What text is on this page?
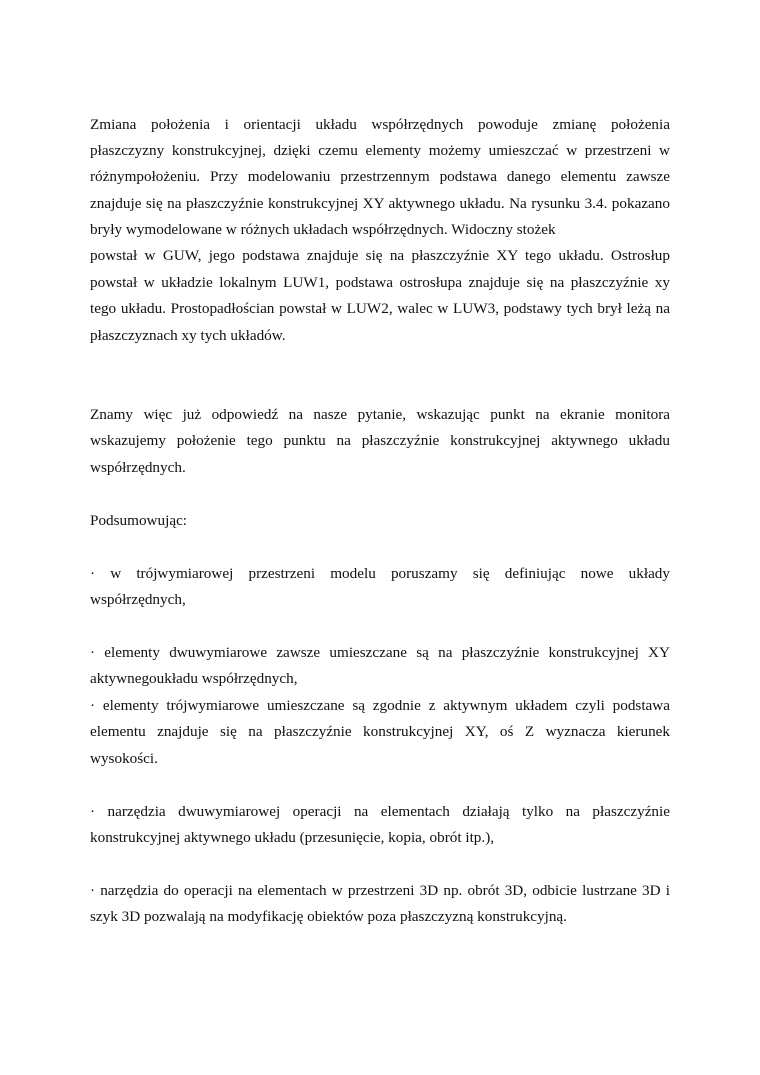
Zmiana położenia i orientacji układu współrzędnych powoduje zmianę położenia
płaszczyzny konstrukcyjnej, dzięki czemu elementy możemy umieszczać w przestrzeni w
różnympołożeniu. Przy modelowaniu przestrzennym podstawa danego elementu zawsze
znajduje się na płaszczyźnie konstrukcyjnej XY aktywnego układu. Na rysunku 3.4. pokazano
bryły wymodelowane w różnych układach współrzędnych. Widoczny stożek
powstał w GUW, jego podstawa znajduje się na płaszczyźnie XY tego układu. Ostrosłup
powstał w układzie lokalnym LUW1, podstawa ostrosłupa znajduje się na płaszczyźnie xy
tego układu. Prostopadłościan powstał w LUW2, walec w LUW3, podstawy tych brył leżą na
płaszczyznach xy tych układów.
Znamy więc już odpowiedź na nasze pytanie, wskazując punkt na ekranie monitora
wskazujemy położenie tego punktu na płaszczyźnie konstrukcyjnej aktywnego układu
współrzędnych.
Podsumowując:
·  w  trójwymiarowej  przestrzeni  modelu  poruszamy  się  definiując  nowe  układy
współrzędnych,
· elementy dwuwymiarowe zawsze umieszczane są na płaszczyźnie konstrukcyjnej XY
aktywnegoukładu współrzędnych,
· elementy trójwymiarowe umieszczane są zgodnie z aktywnym układem czyli podstawa
elementu znajduje się na płaszczyźnie konstrukcyjnej XY, oś Z wyznacza kierunek
wysokości.
· narzędzia dwuwymiarowej operacji na elementach działają tylko na płaszczyźnie
konstrukcyjnej aktywnego układu (przesunięcie, kopia, obrót itp.),
· narzędzia do operacji na elementach w przestrzeni 3D np. obrót 3D, odbicie lustrzane 3D i
szyk 3D pozwalają na modyfikację obiektów poza płaszczyzną konstrukcyjną.
